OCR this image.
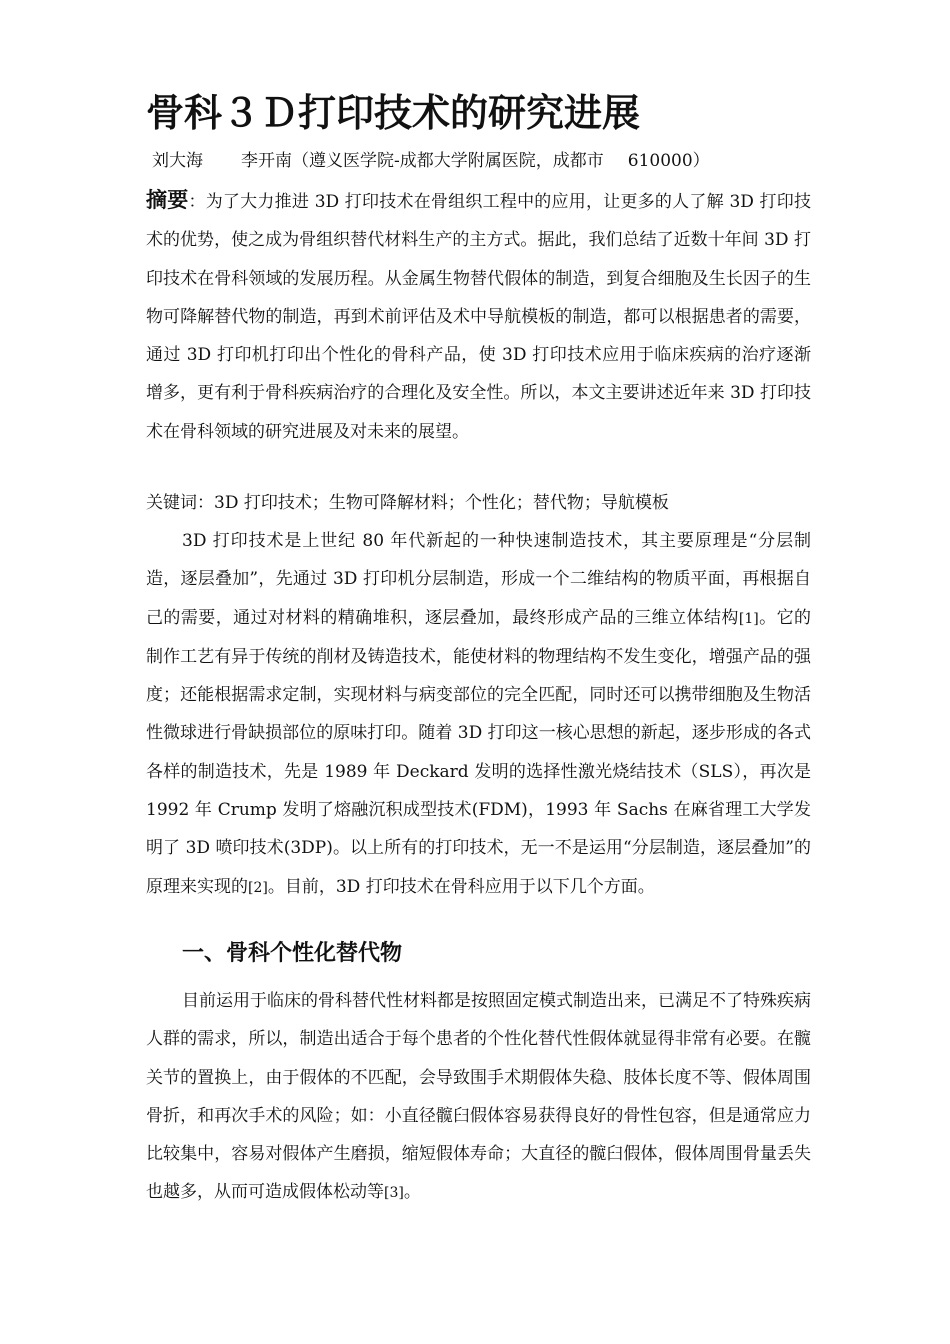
骨科３Ｄ打印技术的研究进展
刘大海 李开南（遵义医学院-成都大学附属医院，成都市 610000）
摘要：为了大力推进 3D 打印技术在骨组织工程中的应用，让更多的人了解 3D 打印技术的优势，使之成为骨组织替代材料生产的主方式。据此，我们总结了近数十年间 3D 打印技术在骨科领域的发展历程。从金属生物替代假体的制造，到复合细胞及生长因子的生物可降解替代物的制造，再到术前评估及术中导航模板的制造，都可以根据患者的需要，通过 3D 打印机打印出个性化的骨科产品，使 3D 打印技术应用于临床疾病的治疗逐渐增多，更有利于骨科疾病治疗的合理化及安全性。所以，本文主要讲述近年来 3D 打印技术在骨科领域的研究进展及对未来的展望。
关键词：3D 打印技术；生物可降解材料；个性化；替代物；导航模板
3D 打印技术是上世纪 80 年代新起的一种快速制造技术，其主要原理是“分层制造，逐层叠加”，先通过 3D 打印机分层制造，形成一个二维结构的物质平面，再根据自己的需要，通过对材料的精确堆积，逐层叠加，最终形成产品的三维立体结构[1]。它的制作工艺有异于传统的削材及铸造技术，能使材料的物理结构不发生变化，增强产品的强度；还能根据需求定制，实现材料与病变部位的完全匹配，同时还可以携带细胞及生物活性微球进行骨缺损部位的原味打印。随着 3D 打印这一核心思想的新起，逐步形成的各式各样的制造技术，先是 1989 年 Deckard 发明的选择性激光烧结技术（SLS），再次是 1992 年 Crump 发明了熔融沉积成型技术(FDM)，1993 年 Sachs 在麻省理工大学发明了 3D 喷印技术(3DP)。以上所有的打印技术，无一不是运用“分层制造，逐层叠加”的原理来实现的[2]。目前，3D 打印技术在骨科应用于以下几个方面。
一、骨科个性化替代物
目前运用于临床的骨科替代性材料都是按照固定模式制造出来，已满足不了特殊疾病人群的需求，所以，制造出适合于每个患者的个性化替代性假体就显得非常有必要。在髋关节的置换上，由于假体的不匹配，会导致围手术期假体失稳、肢体长度不等、假体周围骨折，和再次手术的风险；如：小直径髋臼假体容易获得良好的骨性包容，但是通常应力比较集中，容易对假体产生磨损，缩短假体寿命；大直径的髋臼假体，假体周围骨量丢失也越多，从而可造成假体松动等[3]。
